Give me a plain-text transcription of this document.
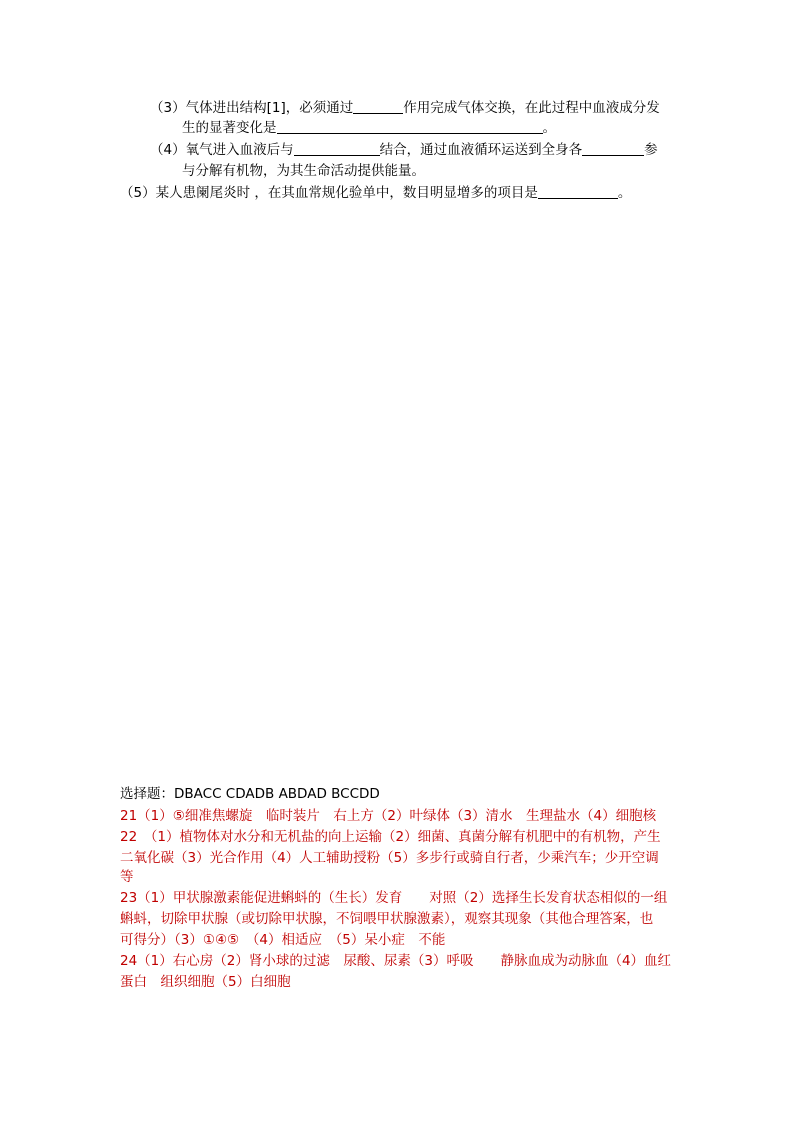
（3）气体进出结构[1]，必须通过	作用完成气体交换，在此过程中血液成分发
生的显著变化是	。
（4）氧气进入血液后与	结合，通过血液循环运送到全身各	参
与分解有机物，为其生命活动提供能量。
（5）某人患阑尾炎时 ，在其血常规化验单中，数目明显增多的项目是	。
选择题：DBACC CDADB ABDAD BCCDD
21（1）⑤细准焦螺旋　临时装片　右上方（2）叶绿体（3）清水　生理盐水（4）细胞核
22　（1）植物体对水分和无机盐的向上运输（2）细菌、真菌分解有机肥中的有机物，产生
二氧化碳（3）光合作用（4）人工辅助授粉（5）多步行或骑自行者，少乘汽车；少开空调
等
23（1）甲状腺激素能促进蝌蚪的（生长）发育　　对照（2）选择生长发育状态相似的一组
蝌蚪，切除甲状腺（或切除甲状腺，不饲喂甲状腺激素），观察其现象（其他合理答案，也
可得分）（3）①④⑤　（4）相适应　（5）呆小症　不能
24（1）右心房（2）肾小球的过滤　尿酸、尿素（3）呼吸　　静脉血成为动脉血（4）血红
蛋白　组织细胞（5）白细胞
